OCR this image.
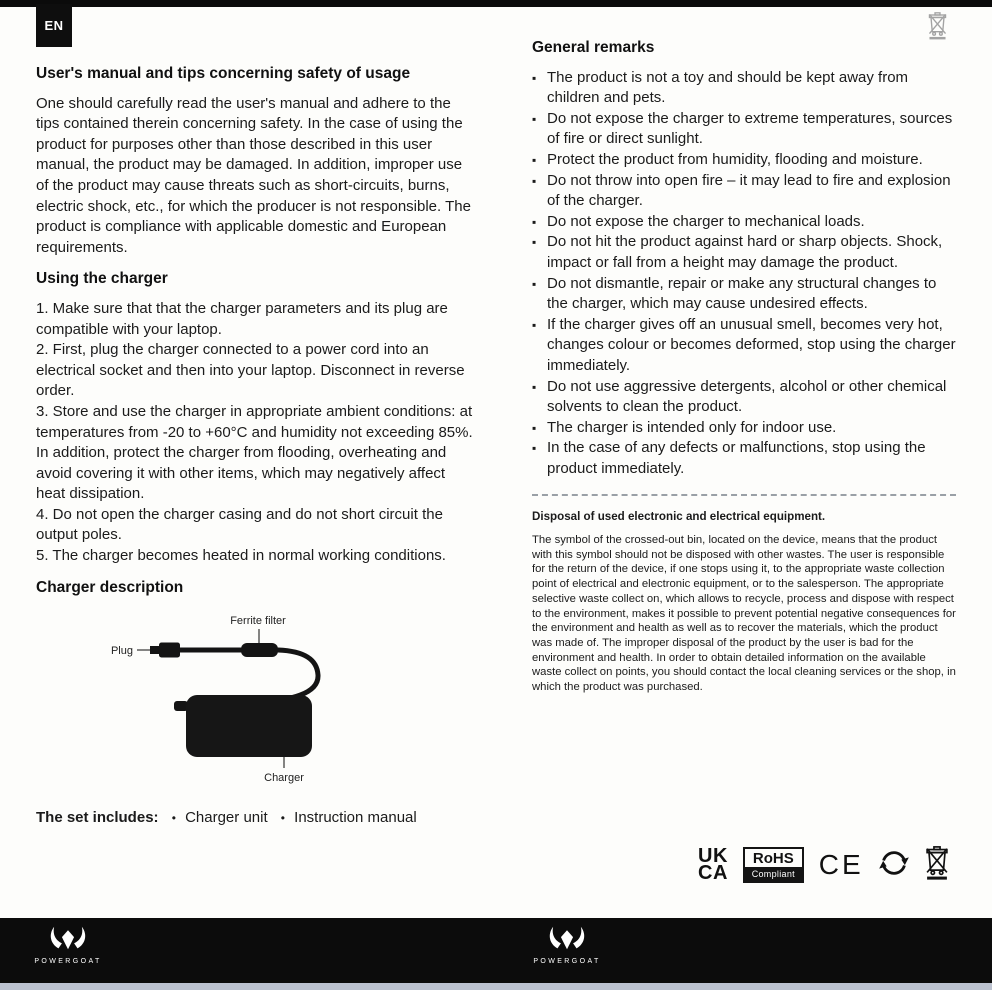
EN
User's manual and tips concerning safety of usage

One should carefully read the user's manual and adhere to the tips contained therein concerning safety. In the case of using the product for purposes other than those described in this user manual, the product may be damaged. In addition, improper use of the product may cause threats such as short-circuits, burns, electric shock, etc., for which the producer is not responsible. The product is compliance with applicable domestic and European requirements.

Using the charger
1. Make sure that that the charger parameters and its plug are compatible with your laptop.
2. First, plug the charger connected to a power cord into an electrical socket and then into your laptop. Disconnect in reverse order.
3. Store and use the charger in appropriate ambient conditions: at temperatures from -20 to +60°C and humidity not exceeding 85%. In addition, protect the charger from flooding, overheating and avoid covering it with other items, which may negatively affect heat dissipation.
4. Do not open the charger casing and do not short circuit the output poles.
5. The charger becomes heated in normal working conditions.
Charger description
Ferrite filter
Plug
Charger
The set includes: • Charger unit • Instruction manual
General remarks
▪ The product is not a toy and should be kept away from children and pets.
▪ Do not expose the charger to extreme temperatures, sources of fire or direct sunlight.
▪ Protect the product from humidity, flooding and moisture.
▪ Do not throw into open fire – it may lead to fire and explosion of the charger.
▪ Do not expose the charger to mechanical loads.
▪ Do not hit the product against hard or sharp objects. Shock, impact or fall from a height may damage the product.
▪ Do not dismantle, repair or make any structural changes to the charger, which may cause undesired effects.
▪ If the charger gives off an unusual smell, becomes very hot, changes colour or becomes deformed, stop using the charger immediately.
▪ Do not use aggressive detergents, alcohol or other chemical solvents to clean the product.
▪ The charger is intended only for indoor use.
▪ In the case of any defects or malfunctions, stop using the product immediately.
Disposal of used electronic and electrical equipment.

The symbol of the crossed-out bin, located on the device, means that the product with this symbol should not be disposed with other wastes. The user is responsible for the return of the device, if one stops using it, to the appropriate waste collection point of electrical and electronic equipment, or to the salesperson. The appropriate selective waste collect on, which allows to recycle, process and dispose with respect to the environment, makes it possible to prevent potential negative consequences for the environment and health as well as to recover the materials, which the product was made of. The improper disposal of the product by the user is bad for the environment and health. In order to obtain detailed information on the available waste collect on points, you should contact the local cleaning services or the shop, in which the product was purchased.

UK
CA
RoHS
Compliant CE
POWERGOAT	POWERGOAT
